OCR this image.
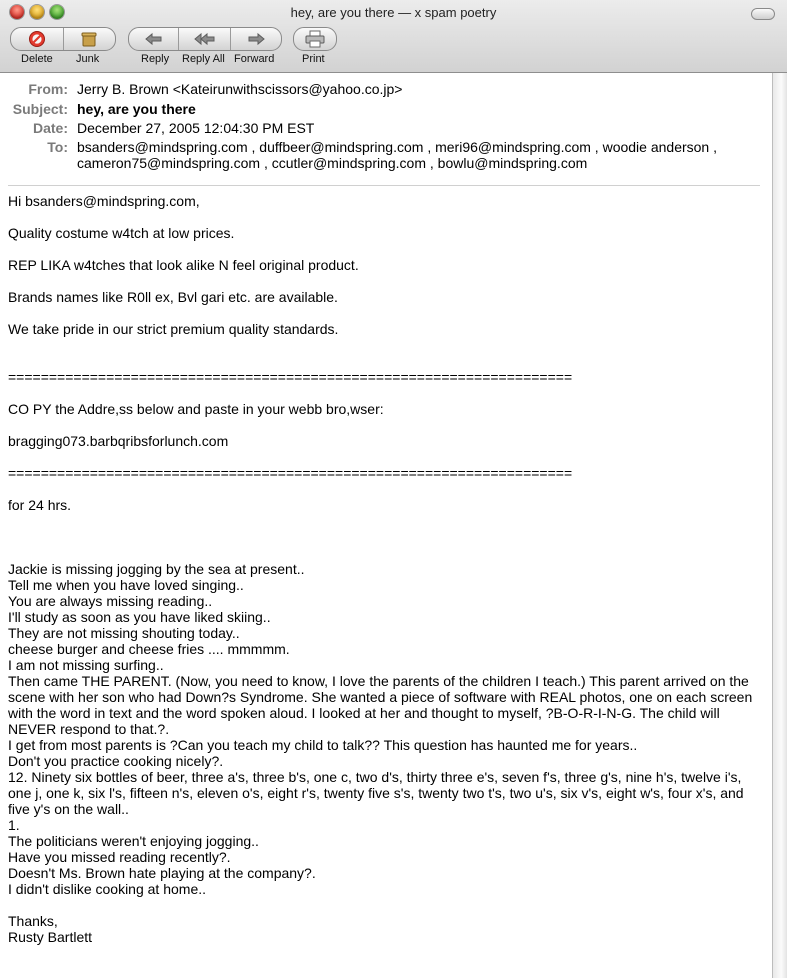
hey, are you there — x spam poetry
Delete Junk	Reply Reply All Forward	Print
From: Jerry B. Brown <Kateirunwithscissors@yahoo.co.jp>
Subject: hey, are you there
Date: December 27, 2005 12:04:30 PM EST
To: bsanders@mindspring.com , duffbeer@mindspring.com , meri96@mindspring.com , woodie anderson ,
cameron75@mindspring.com , ccutler@mindspring.com , bowlu@mindspring.com

Hi bsanders@mindspring.com,

Quality costume w4tch at low prices.

REP LIKA w4tches that look alike N feel original product.

Brands names like R0ll ex, Bvl gari etc. are available.

We take pride in our strict premium quality standards.

=====================================================================

CO PY the Addre,ss below and paste in your webb bro,wser:

bragging073.barbqribsforlunch.com

=====================================================================

for 24 hrs.

Jackie is missing jogging by the sea at present..

Tell me when you have loved singing..

You are always missing reading..

I'll study as soon as you have liked skiing..

They are not missing shouting today..

cheese burger and cheese fries .... mmmmm.

I am not missing surfing..

Then came THE PARENT. (Now, you need to know, I love the parents of the children I teach.) This parent arrived on the scene with her son who had Down?s Syndrome. She wanted a piece of software with REAL photos, one on each screen with the word in text and the word spoken aloud. I looked at her and thought to myself, ?B-O-R-I-N-G. The child will NEVER respond to that.?.

I get from most parents is ?Can you teach my child to talk?? This question has haunted me for years..

Don't you practice cooking nicely?.

12. Ninety six bottles of beer, three a's, three b's, one c, two d's, thirty three e's, seven f's, three g's, nine h's, twelve i's, one j, one k, six l's, fifteen n's, eleven o's, eight r's, twenty five s's, twenty two t's, two u's, six v's, eight w's, four x's, and five y's on the wall..

1.

The politicians weren't enjoying jogging..

Have you missed reading recently?.

Doesn't Ms. Brown hate playing at the company?.

I didn't dislike cooking at home..

Thanks,

Rusty Bartlett
